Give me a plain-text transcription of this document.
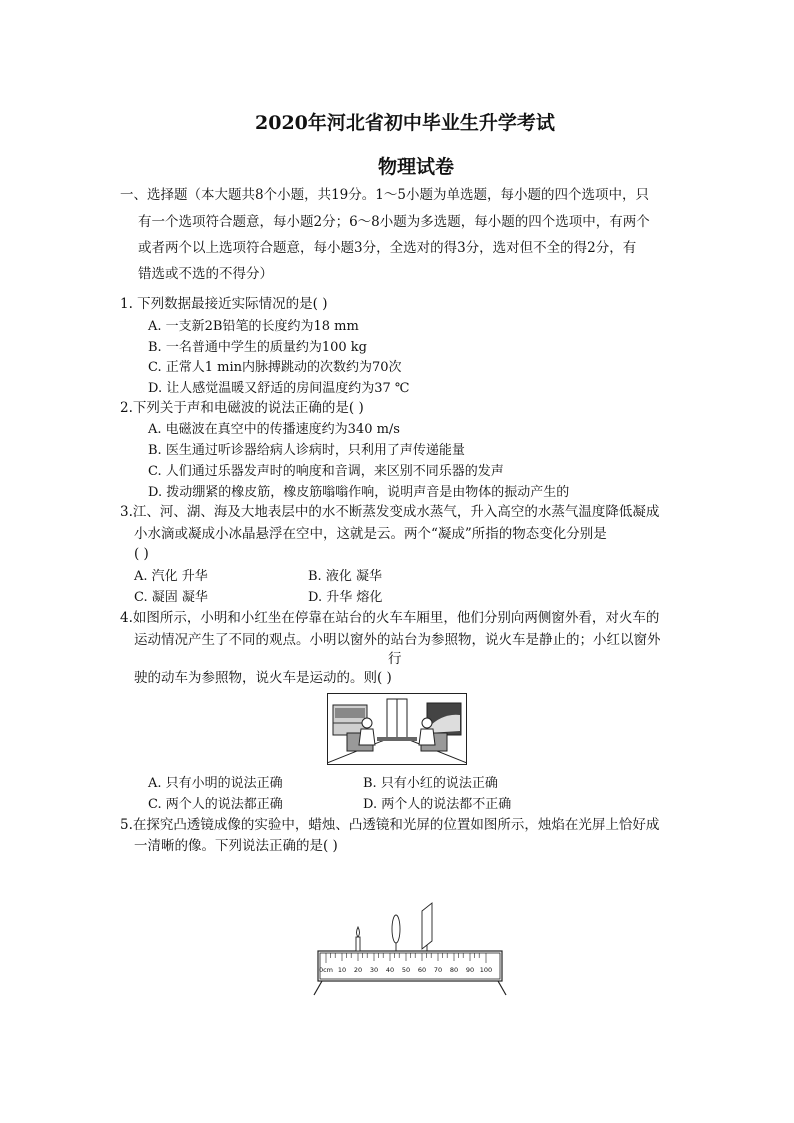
2020年河北省初中毕业生升学考试
物理试卷
一、选择题（本大题共8个小题，共19分。1～5小题为单选题，每小题的四个选项中，只
有一个选项符合题意，每小题2分；6～8小题为多选题，每小题的四个选项中，有两个
或者两个以上选项符合题意，每小题3分，全选对的得3分，选对但不全的得2分，有
错选或不选的不得分）
1. 下列数据最接近实际情况的是( )
A. 一支新2B铅笔的长度约为18 mm
B. 一名普通中学生的质量约为100 kg
C. 正常人1 min内脉搏跳动的次数约为70次
D. 让人感觉温暖又舒适的房间温度约为37 ℃
2.下列关于声和电磁波的说法正确的是( )
A. 电磁波在真空中的传播速度约为340 m/s
B. 医生通过听诊器给病人诊病时，只利用了声传递能量
C. 人们通过乐器发声时的响度和音调，来区别不同乐器的发声
D. 拨动绷紧的橡皮筋，橡皮筋嗡嗡作响，说明声音是由物体的振动产生的
3.江、河、湖、海及大地表层中的水不断蒸发变成水蒸气，升入高空的水蒸气温度降低凝成
小水滴或凝成小冰晶悬浮在空中，这就是云。两个“凝成”所指的物态变化分别是
( )
A. 汽化 升华	B. 液化 凝华
C. 凝固 凝华	D. 升华 熔化
4.如图所示，小明和小红坐在停靠在站台的火车车厢里，他们分别向两侧窗外看，对火车的
运动情况产生了不同的观点。小明以窗外的站台为参照物，说火车是静止的；小红以窗外
行
驶的动车为参照物，说火车是运动的。则( )
A. 只有小明的说法正确	B. 只有小红的说法正确
C. 两个人的说法都正确	D. 两个人的说法都不正确
5.在探究凸透镜成像的实验中，蜡烛、凸透镜和光屏的位置如图所示，烛焰在光屏上恰好成
一清晰的像。下列说法正确的是( )
0cm 10 20 30 40 50 60 70 80 90 100
